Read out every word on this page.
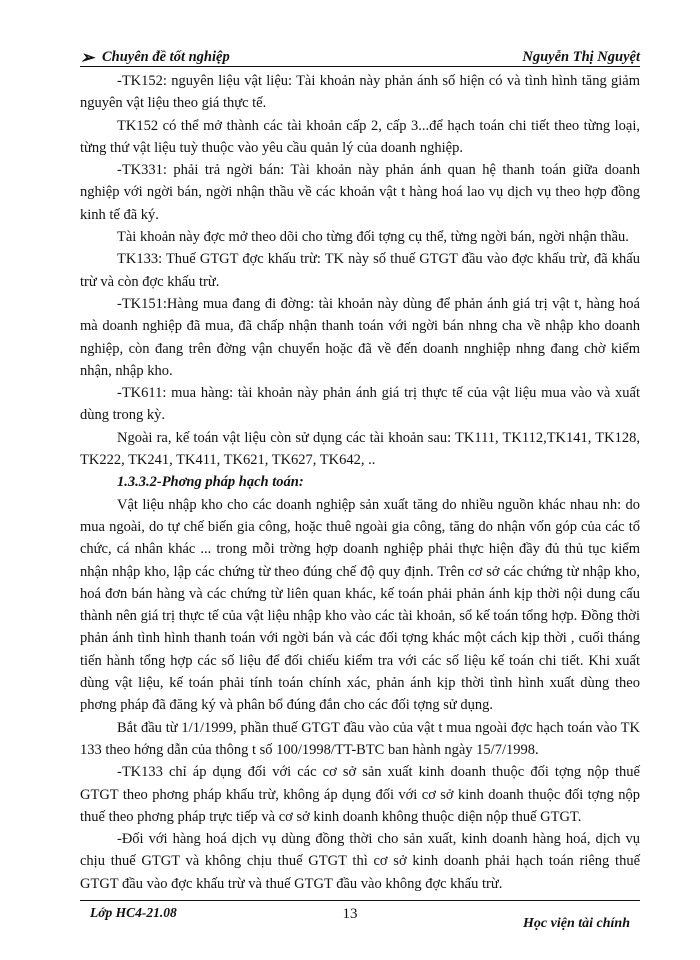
➢ Chuyên đề tốt nghiệp	Nguyễn Thị Nguyệt

-TK152: nguyên liệu vật liệu: Tài khoản này phản ánh số hiện có và tình hình tăng giảm nguyên vật liệu theo giá thực tế.

TK152 có thể mở thành các tài khoản cấp 2, cấp 3...để hạch toán chi tiết theo từng loại, từng thứ vật liệu tuỳ thuộc vào yêu cầu quản lý của doanh nghiệp.

-TK331: phải trả ngời bán: Tài khoản này phản ánh quan hệ thanh toán giữa doanh nghiệp với ngời bán, ngời nhận thầu về các khoản vật t hàng hoá lao vụ dịch vụ theo hợp đồng kinh tế đã ký.

Tài khoản này đợc mở theo dõi cho từng đối tợng cụ thể, từng ngời bán, ngời nhận thầu.

TK133: Thuế GTGT đợc khấu trừ: TK này số thuế GTGT đầu vào đợc khấu trừ, đã khấu trừ và còn đợc khấu trừ.

-TK151:Hàng mua đang đi đờng: tài khoản này dùng để phản ánh giá trị vật t, hàng hoá mà doanh nghiệp đã mua, đã chấp nhận thanh toán với ngời bán nhng cha về nhập kho doanh nghiệp, còn đang trên đờng vận chuyển hoặc đã về đến doanh nnghiệp nhng đang chờ kiểm nhận, nhập kho.

-TK611: mua hàng: tài khoản này phản ánh giá trị thực tế của vật liệu mua vào và xuất dùng trong kỳ.

Ngoài ra, kế toán vật liệu còn sử dụng các tài khoản sau: TK111, TK112,TK141, TK128, TK222, TK241, TK411, TK621, TK627, TK642, ..

1.3.3.2-Phơng pháp hạch toán:

Vật liệu nhập kho cho các doanh nghiệp sản xuất tăng do nhiều nguồn khác nhau nh: do mua ngoài, do tự chế biến gia công, hoặc thuê ngoài gia công, tăng do nhận vốn góp của các tổ chức, cá nhân khác ... trong mỗi trờng hợp doanh nghiệp phải thực hiện đầy đủ thủ tục kiểm nhận nhập kho, lập các chứng từ theo đúng chế độ quy định. Trên cơ sở các chứng từ nhập kho, hoá đơn bán hàng và các chứng từ liên quan khác, kế toán phải phản ánh kịp thời nội dung cấu thành nên giá trị thực tế của vật liệu nhập kho vào các tài khoản, sổ kế toán tổng hợp. Đồng thời phản ánh tình hình thanh toán với ngời bán và các đối tợng khác một cách kịp thời , cuối tháng tiến hành tổng hợp các số liệu để đối chiếu kiểm tra với các số liệu kế toán chi tiết. Khi xuất dùng vật liệu, kế toán phải tính toán chính xác, phản ánh kịp thời tình hình xuất dùng theo phơng pháp đã đăng ký và phân bổ đúng đắn cho các đối tợng sử dụng.

Bắt đầu từ 1/1/1999, phần thuế GTGT đầu vào của vật t mua ngoài đợc hạch toán vào TK 133 theo hớng dẫn của thông t số 100/1998/TT-BTC ban hành ngày 15/7/1998.

-TK133 chỉ áp dụng đối với các cơ sở sản xuất kinh doanh thuộc đối tợng nộp thuế GTGT theo phơng pháp khấu trừ, không áp dụng đối với cơ sở kinh doanh thuộc đối tợng nộp thuế theo phơng pháp trực tiếp và cơ sở kinh doanh không thuộc diện nộp thuế GTGT.

-Đối với hàng hoá dịch vụ dùng đồng thời cho sản xuất, kinh doanh hàng hoá, dịch vụ chịu thuế GTGT và không chịu thuế GTGT thì cơ sở kinh doanh phải hạch toán riêng thuế GTGT đầu vào đợc khấu trừ và thuế GTGT đầu vào không đợc khấu trừ.

Lớp HC4-21.08	13
Học viện tài chính
